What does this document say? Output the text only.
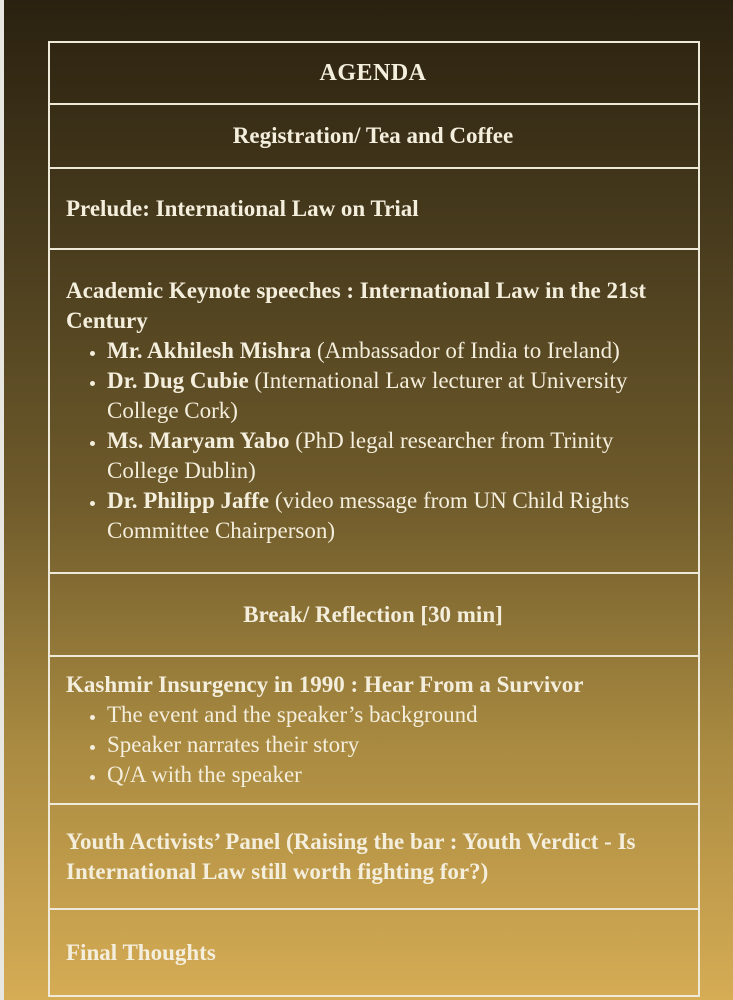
AGENDA
Registration/ Tea and Coffee
Prelude: International Law on Trial
Academic Keynote speeches : International Law in the 21st Century
• Mr. Akhilesh Mishra (Ambassador of India to Ireland)
• Dr. Dug Cubie (International Law lecturer at University College Cork)
• Ms. Maryam Yabo (PhD legal researcher from Trinity College Dublin)
• Dr. Philipp Jaffe (video message from UN Child Rights Committee Chairperson)
Break/ Reflection [30 min]
Kashmir Insurgency in 1990 : Hear From a Survivor
• The event and the speaker’s background
• Speaker narrates their story
• Q/A with the speaker
Youth Activists’ Panel (Raising the bar : Youth Verdict - Is International Law still worth fighting for?)
Final Thoughts
